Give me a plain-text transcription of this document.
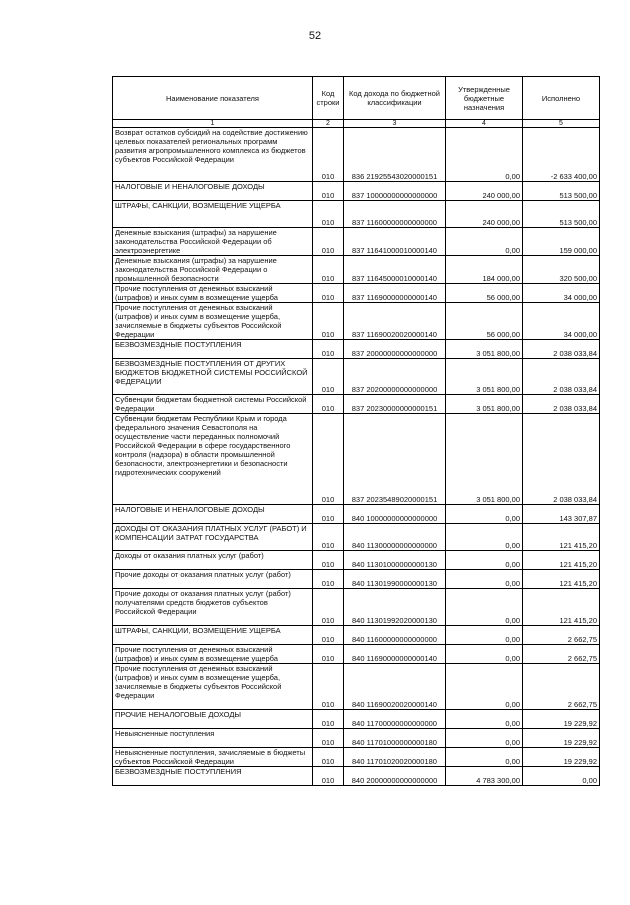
52
Наименование показателя	Код строки	Код дохода по бюджетной классификации	Утвержденные бюджетные назначения	Исполнено
1	2	3	4	5
Возврат остатков субсидий на содействие достижению целевых показателей региональных программ развития агропромышленного комплекса из бюджетов субъектов Российской Федерации	010	836 21925543020000151	0,00	-2 633 400,00
НАЛОГОВЫЕ И НЕНАЛОГОВЫЕ ДОХОДЫ	010	837 10000000000000000	240 000,00	513 500,00
ШТРАФЫ, САНКЦИИ, ВОЗМЕЩЕНИЕ УЩЕРБА	010	837 11600000000000000	240 000,00	513 500,00
Денежные взыскания (штрафы) за нарушение законодательства Российской Федерации об электроэнергетике	010	837 11641000010000140	0,00	159 000,00
Денежные взыскания (штрафы) за нарушение законодательства Российской Федерации о промышленной безопасности	010	837 11645000010000140	184 000,00	320 500,00
Прочие поступления от денежных взысканий (штрафов) и иных сумм в возмещение ущерба	010	837 11690000000000140	56 000,00	34 000,00
Прочие поступления от денежных взысканий (штрафов) и иных сумм в возмещение ущерба, зачисляемые в бюджеты субъектов Российской Федерации	010	837 11690020020000140	56 000,00	34 000,00
БЕЗВОЗМЕЗДНЫЕ ПОСТУПЛЕНИЯ	010	837 20000000000000000	3 051 800,00	2 038 033,84
БЕЗВОЗМЕЗДНЫЕ ПОСТУПЛЕНИЯ ОТ ДРУГИХ БЮДЖЕТОВ БЮДЖЕТНОЙ СИСТЕМЫ РОССИЙСКОЙ ФЕДЕРАЦИИ	010	837 20200000000000000	3 051 800,00	2 038 033,84
Субвенции бюджетам бюджетной системы Российской Федерации	010	837 20230000000000151	3 051 800,00	2 038 033,84
Субвенции бюджетам Республики Крым и города федерального значения Севастополя на осуществление части переданных полномочий Российской Федерации в сфере государственного контроля (надзора) в области промышленной безопасности, электроэнергетики и безопасности гидротехнических сооружений	010	837 20235489020000151	3 051 800,00	2 038 033,84
НАЛОГОВЫЕ И НЕНАЛОГОВЫЕ ДОХОДЫ	010	840 10000000000000000	0,00	143 307,87
ДОХОДЫ ОТ ОКАЗАНИЯ ПЛАТНЫХ УСЛУГ (РАБОТ) И КОМПЕНСАЦИИ ЗАТРАТ ГОСУДАРСТВА	010	840 11300000000000000	0,00	121 415,20
Доходы от оказания платных услуг (работ)	010	840 11301000000000130	0,00	121 415,20
Прочие доходы от оказания платных услуг (работ)	010	840 11301990000000130	0,00	121 415,20
Прочие доходы от оказания платных услуг (работ) получателями средств бюджетов субъектов Российской Федерации	010	840 11301992020000130	0,00	121 415,20
ШТРАФЫ, САНКЦИИ, ВОЗМЕЩЕНИЕ УЩЕРБА	010	840 11600000000000000	0,00	2 662,75
Прочие поступления от денежных взысканий (штрафов) и иных сумм в возмещение ущерба	010	840 11690000000000140	0,00	2 662,75
Прочие поступления от денежных взысканий (штрафов) и иных сумм в возмещение ущерба, зачисляемые в бюджеты субъектов Российской Федерации	010	840 11690020020000140	0,00	2 662,75
ПРОЧИЕ НЕНАЛОГОВЫЕ ДОХОДЫ	010	840 11700000000000000	0,00	19 229,92
Невыясненные поступления	010	840 11701000000000180	0,00	19 229,92
Невыясненные поступления, зачисляемые в бюджеты субъектов Российской Федерации	010	840 11701020020000180	0,00	19 229,92
БЕЗВОЗМЕЗДНЫЕ ПОСТУПЛЕНИЯ	010	840 20000000000000000	4 783 300,00	0,00
